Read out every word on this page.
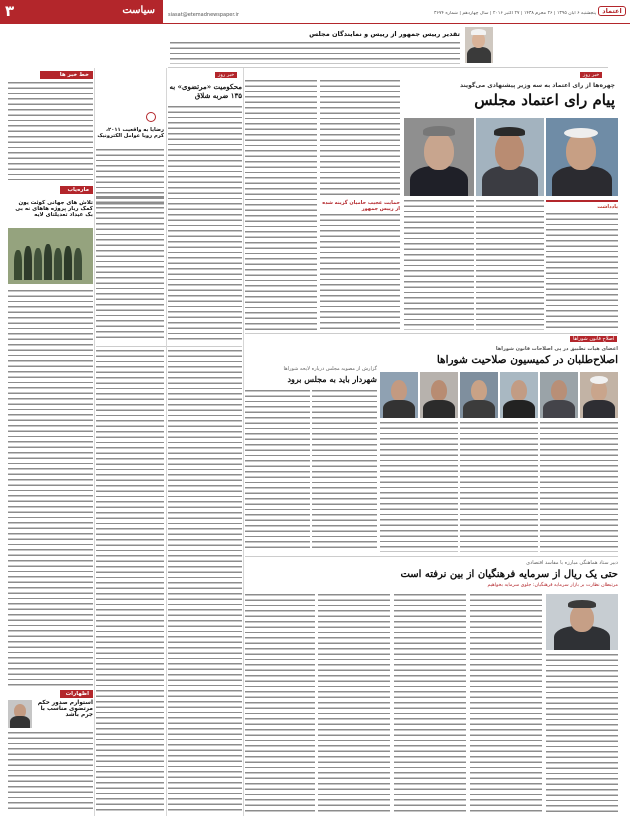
۳	سیاست	siasat@etemadnewspaper.ir	پنجشنبه ۶ آبان ۱۳۹۵ | ۲۶ محرم ۱۴۳۸ | ۲۷ اکتبر ۲۰۱۶ | سال چهاردهم | شماره ۳۶۷۴ اعتماد
تقدیر رییس جمهور از رییس و نمایندگان مجلس
خبر روز
چهره‌ها از رای اعتماد به سه وزیر پیشنهادی می‌گویند
پیام رای اعتماد مجلس
یادداشت
حمایت عجیب حامیان گزینه شده از رییس جمهور
اصلاح قانون شوراها
اعضای هیات تطبیق در پی اصلاحات قانون شوراها
اصلاح‌طلبان در کمیسیون صلاحیت شوراها
گزارش از مصوبه مجلس درباره لایحه شوراها
شهردار باید به مجلس برود
دبیر ستاد هماهنگی مبارزه با مفاسد اقتصادی
حتی یک ریال از سرمایه فرهنگیان از بین نرفته است
مرتبطان نظارت بر بازار سرمایه فرهنگیان: جلوی سرمایه بخواهیم
خبر روز
محکومیت «مرتضوی» به ۱۳۵ ضربه شلاق
رضایا به واقعیت ۲۰۱۱، کرم رویا عوامل الکترونیک
خط خبر ها
ماره‌یاب
تلاش های جهانی کوئت یون کمک ربار پروژه هاهای نه بی بک عیداد تعدیلتای لایه
اظهارات
استوارم صدور حکم مرتضوی مناسب با جرم باشد
